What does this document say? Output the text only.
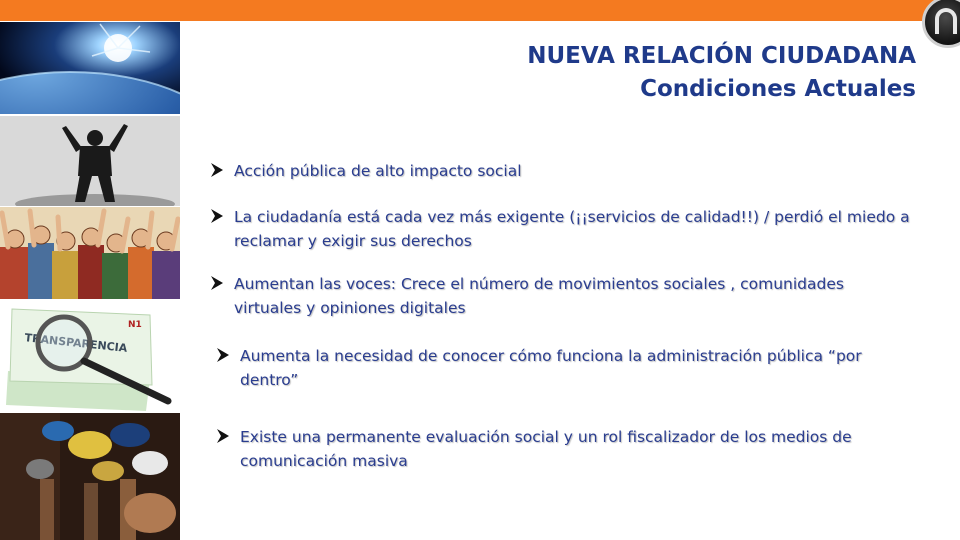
TRANSPARENCIA
N1
NUEVA RELACIÓN CIUDADANA
Condiciones Actuales
Acción pública de alto impacto social
La ciudadanía está cada vez más exigente (¡¡servicios de calidad!!) / perdió el miedo a reclamar y exigir sus derechos
Aumentan las voces: Crece el número de movimientos sociales , comunidades virtuales y opiniones digitales
Aumenta la necesidad de conocer cómo funciona la administración pública “por dentro”
Existe una permanente evaluación social y un rol fiscalizador de los medios de comunicación masiva
